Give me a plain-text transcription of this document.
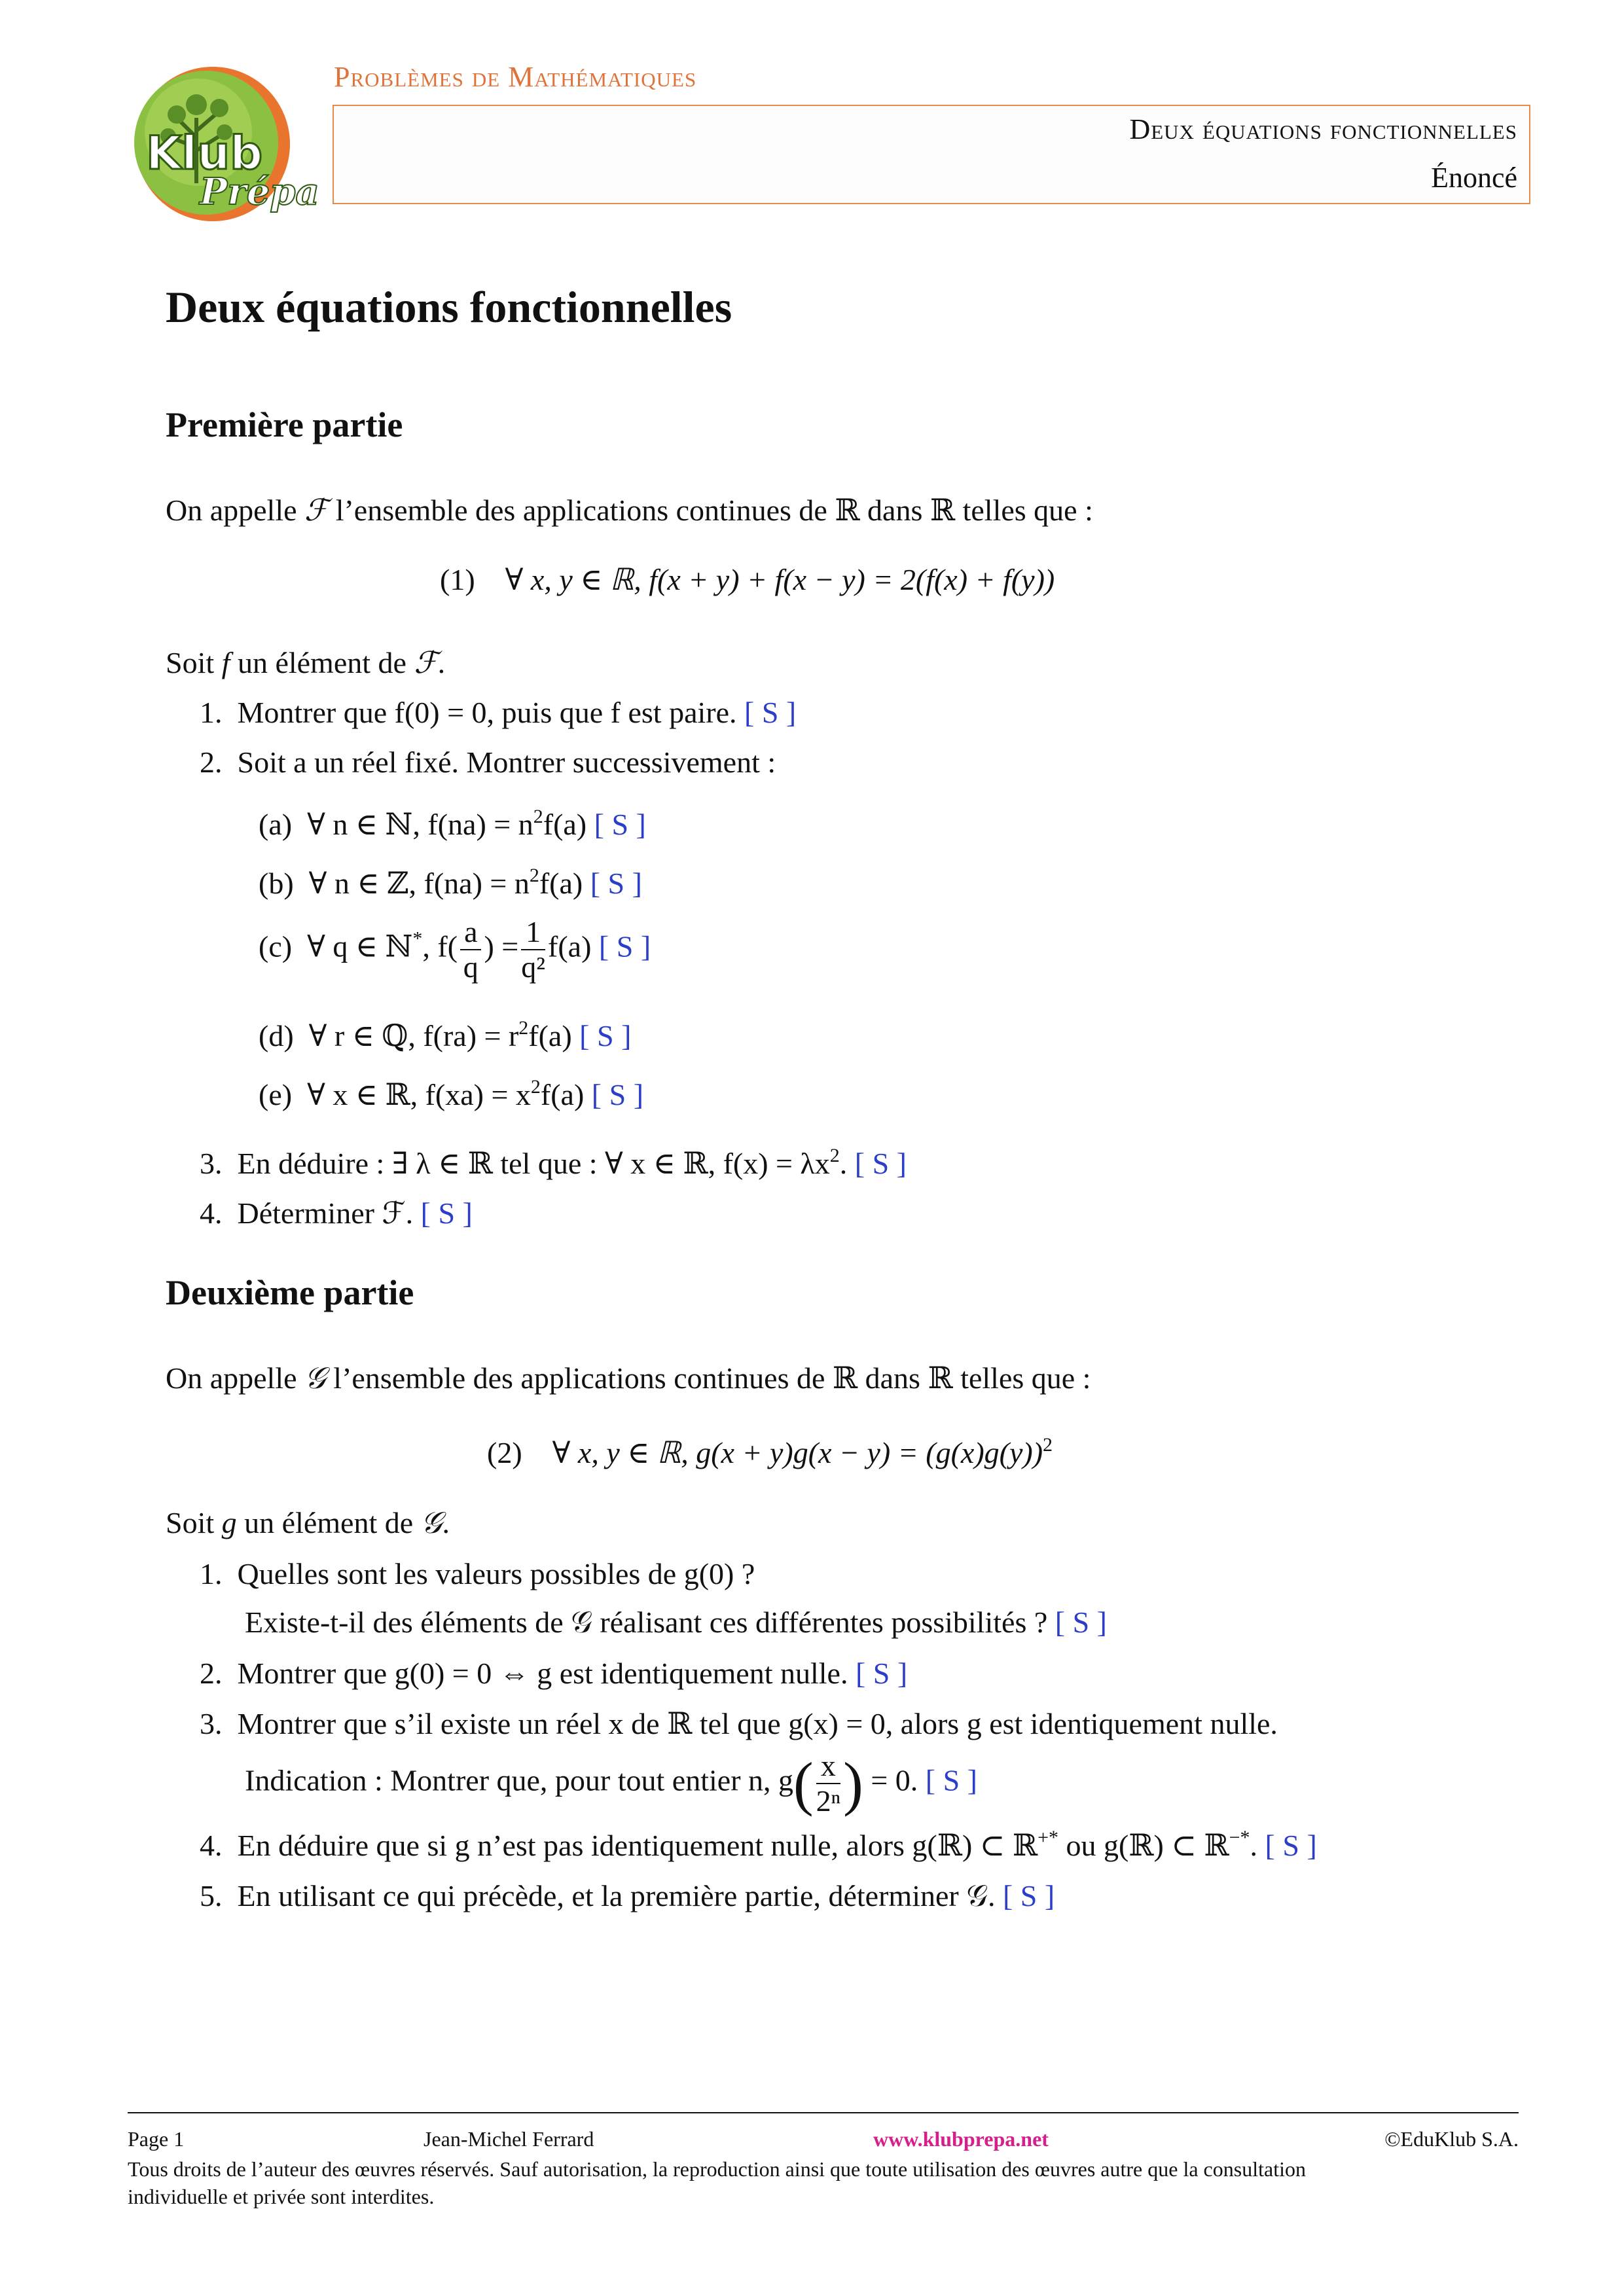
Klub
Prépa
Problèmes de Mathématiques
Deux équations fonctionnelles
Énoncé
Deux équations fonctionnelles
Première partie
On appelle ℱ l’ensemble des applications continues de ℝ dans ℝ telles que :
(1) ∀ x, y ∈ ℝ, f(x + y) + f(x − y) = 2(f(x) + f(y))
Soit f un élément de ℱ.
1. Montrer que f(0) = 0, puis que f est paire. [ S ]
2. Soit a un réel fixé. Montrer successivement :
(a) ∀ n ∈ ℕ, $f(na) = n^2f(a)$ [ S ]
(b) ∀ n ∈ ℤ, $f(na) = n^2f(a)$ [ S ]
(c) ∀ q ∈ ℕ*, $f( \frac{a}{q}$ ) = $\frac{1}{\text{q²}} f(a)$ [ S ]
(d) ∀ r ∈ ℚ, $f(ra) = r^2f(a)$ [ S ]
(e) ∀ x ∈ ℝ, $f(xa) = x^2f(a)$ [ S ]
3. En déduire : ∃ λ ∈ ℝ tel que : ∀ x ∈ ℝ, $f(x) = \lambda x^2$. [ S ]
4. Déterminer ℱ. [ S ]
Deuxième partie
On appelle 𝒢 l’ensemble des applications continues de ℝ dans ℝ telles que :
(2) ∀ x, y ∈ ℝ, $g(x + y)g(x - y) = (g(x)g(y))^2$
Soit g un élément de 𝒢.
1. Quelles sont les valeurs possibles de g(0) ?
Existe-t-il des éléments de 𝒢 réalisant ces différentes possibilités ? [ S ]
2. Montrer que g(0) = 0 ⇔ g est identiquement nulle. [ S ]
3. Montrer que s’il existe un réel x de ℝ tel que g(x) = 0, alors g est identiquement nulle.
Indication : Montrer que, pour tout entier n, $g( \frac{x}{\text{2ⁿ}}$ ) = 0. [ S ]
4. En déduire que si g n’est pas identiquement nulle, alors g(ℝ) ⊂ ℝ+* ou g(ℝ) ⊂ ℝ−*. [ S ]
5. En utilisant ce qui précède, et la première partie, déterminer 𝒢. [ S ]
Page 1	Jean-Michel Ferrard	www.klubprepa.net	©EduKlub S.A.
Tous droits de l’auteur des œuvres réservés. Sauf autorisation, la reproduction ainsi que toute utilisation des œuvres autre que la consultation
individuelle et privée sont interdites.
